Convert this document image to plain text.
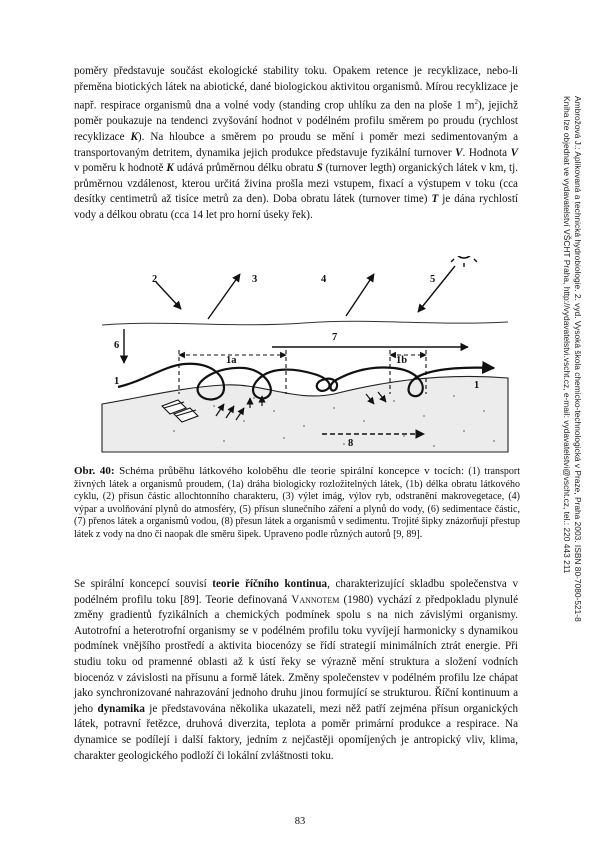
poměry představuje součást ekologické stability toku. Opakem retence je recyklizace, nebo-li přeměna biotických látek na abiotické, dané biologickou aktivitou organismů. Mírou recyklizace je např. respirace organismů dna a volné vody (standing crop uhlíku za den na ploše 1 $m^2$), jejichž poměr poukazuje na tendenci zvyšování hodnot v podélném profilu směrem po proudu (rychlost recyklizace K). Na hloubce a směrem po proudu se mění i poměr mezi sedimentovaným a transportovaným detritem, dynamika jejich produkce představuje fyzikální turnover V. Hodnota V v poměru k hodnotě K udává průměrnou délku obratu S (turnover legth) organických látek v km, tj. průměrnou vzdálenost, kterou určitá živina prošla mezi vstupem, fixací a výstupem v toku (cca desítky centimetrů až tisíce metrů za den). Doba obratu látek (turnover time) T je dána rychlostí vody a délkou obratu (cca 14 let pro horní úseky řek).

2	3	4	5
6
7
1a	1b
1	1
8

Obr. 40: Schéma průběhu látkového koloběhu dle teorie spirální koncepce v tocích: (1) transport živných látek a organismů proudem, (1a) dráha biologicky rozložitelných látek, (1b) délka obratu látkového cyklu, (2) přísun částic allochtonního charakteru, (3) výlet imág, výlov ryb, odstranění makrovegetace, (4) výpar a uvolňování plynů do atmosféry, (5) přísun slunečního záření a plynů do vody, (6) sedimentace částic, (7) přenos látek a organismů vodou, (8) přesun látek a organismů v sedimentu. Trojité šipky znázorňují přestup látek z vody na dno či naopak dle směru šipek. Upraveno podle různých autorů [9, 89].

Se spirální koncepcí souvisí teorie říčního kontinua, charakterizující skladbu společenstva v podélném profilu toku [89]. Teorie definovaná Vannotem (1980) vychází z předpokladu plynulé změny gradientů fyzikálních a chemických podmínek spolu s na nich závislými organismy. Autotrofní a heterotrofní organismy se v podélném profilu toku vyvíjejí harmonicky s dynamikou podmínek vnějšího prostředí a aktivita biocenózy se řídí strategií minimálních ztrát energie. Při studiu toku od pramenné oblasti až k ústí řeky se výrazně mění struktura a složení vodních biocenóz v závislosti na přísunu a formě látek. Změny společenstev v podélném profilu lze chápat jako synchronizované nahrazování jednoho druhu jinou formující se strukturou. Říční kontinuum a jeho dynamika je představována několika ukazateli, mezi něž patří zejména přísun organických látek, potravní řetězce, druhová diverzita, teplota a poměr primární produkce a respirace. Na dynamice se podílejí i další faktory, jedním z nejčastěji opomíjených je antropický vliv, klima, charakter geologického podloží či lokální zvláštnosti toku.

Ambrožová J.: Aplikovaná a technická hydrobiologie. 2. vyd. Vysoká škola chemicko-technologická v Praze, Praha 2003. ISBN 80-7080-521-8
Kniha lze objednat ve vydavatelství VŠCHT Praha, http://vydavatelstvi.vscht.cz, e-mail: vydavatelstvi@vscht.cz, tel.: 220 443 211
83
